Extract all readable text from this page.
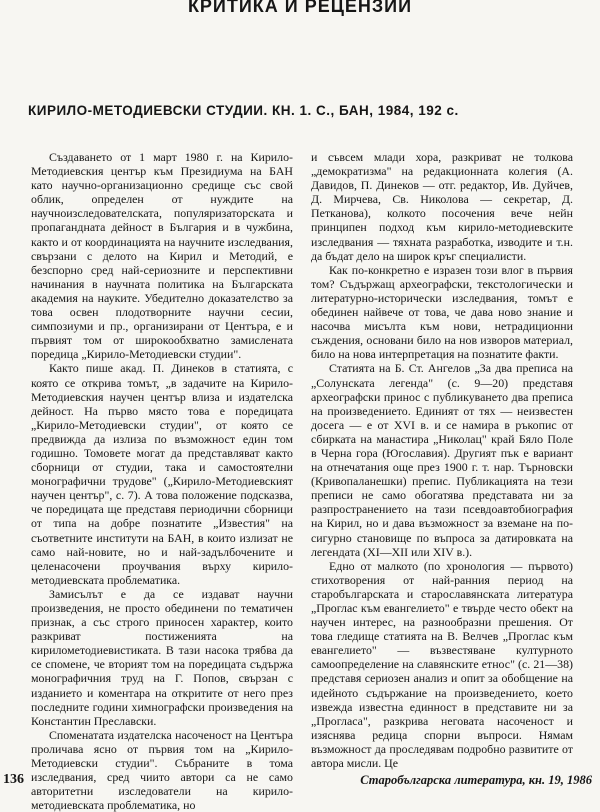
КРИТИКА И РЕЦЕНЗИИ
КИРИЛО-МЕТОДИЕВСКИ СТУДИИ. КН. 1. С., БАН, 1984, 192 с.

Създаването от 1 март 1980 г. на Кирило-Методиевския център към Президиума на БАН като научно-организационно средище със свой облик, определен от нуждите на научноизследователската, популяризаторската и пропагандната дейност в България и в чужбина, както и от координацията на научните изследвания, свързани с делото на Кирил и Методий, е безспорно сред най-сериозните и перспективни начинания в научната политика на Българската академия на науките. Убедително доказателство за това освен плодотворните научни сесии, симпозиуми и пр., организирани от Центъра, е и първият том от широкообхватно замислената поредица „Кирило-Методиевски студии".

Както пише акад. П. Динеков в статията, с която се открива томът, „в задачите на Кирило-Методиевския научен център влиза и издателска дейност. На първо място това е поредицата „Кирило-Методиевски студии", от която се предвижда да излиза по възможност един том годишно. Томовете могат да представляват както сборници от студии, така и самостоятелни монографични трудове" („Кирило-Методиевският научен център", с. 7). А това положение подсказва, че поредицата ще представя периодични сборници от типа на добре познатите „Известия" на съответните институти на БАН, в които излизат не само най-новите, но и най-задълбочените и целенасочени проучвания върху кирило-методиевската проблематика.

Замисълът е да се издават научни произведения, не просто обединени по тематичен признак, а със строго приносен характер, които разкриват постиженията на кирилометодиевистиката. В тази насока трябва да се спомене, че вторият том на поредицата съдържа монографичния труд на Г. Попов, свързан с изданието и коментара на откритите от него през последните години химнографски произведения на Константин Преславски.

Споменатата издателска насоченост на Центъра проличава ясно от първия том на „Кирило-Методиевски студии". Събраните в тома изследвания, сред чиито автори са не само авторитетни изследователи на кирило-методиевската проблематика, но

и съвсем млади хора, разкриват не толкова „демократизма" на редакционната колегия (А. Давидов, П. Динеков — отг. редактор, Ив. Дуйчев, Д. Мирчева, Св. Николова — секретар, Д. Петканова), колкото посочения вече нейн принципен подход към кирило-методиевските изследвания — тяхната разработка, изводите и т.н. да бъдат дело на широк кръг специалисти.

Как по-конкретно е изразен този влог в първия том? Съдържащ археографски, текстологически и литературно-исторически изследвания, томът е обединен найвече от това, че дава ново знание и насочва мисълта към нови, нетрадиционни съждения, основани било на нов изворов материал, било на нова интерпретация на познатите факти.

Статията на Б. Ст. Ангелов „За два преписа на „Солунската легенда" (с. 9—20) представя археографски принос с публикуването два преписа на произведението. Единият от тях — неизвестен досега — е от XVI в. и се намира в ръкопис от сбирката на манастира „Николац" край Бяло Поле в Черна гора (Югославия). Другият пък е вариант на отнечатания още през 1900 г. т. нар. Търновски (Кривопаланешки) препис. Публикацията на тези преписи не само обогатява представата ни за разпространението на тази псевдоавтобиография на Кирил, но и дава възможност за вземане на по-сигурно становище по въпроса за датировката на легендата (XI—XII или XIV в.).

Едно от малкото (по хронология — първото) стихотворения от най-ранния период на старобългарската и старославянската литература „Проглас към евангелието" е твърде често обект на научен интерес, на разнообразни прешения. От това гледище статията на В. Велчев „Проглас към евангелието" — възвестяване културното самоопределение на славянските етнос" (с. 21—38) представя сериозен анализ и опит за обобщение на идейното съдържание на произведението, което извежда известна единност в представите ни за „Прогласа", разкрива неговата насоченост и изяснява редица спорни въпроси. Нямам възможност да проследявам подробно развитите от автора мисли. Це

136	Старобългарска литература, кн. 19, 1986
